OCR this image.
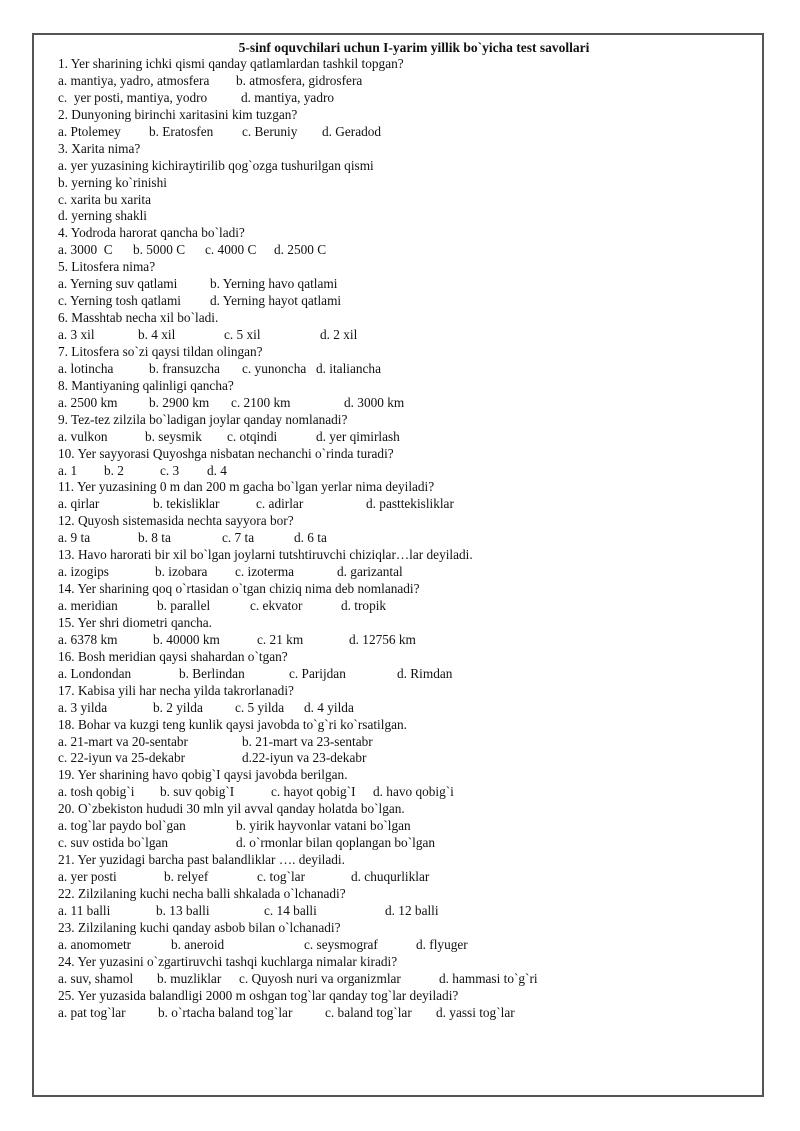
5-sinf oquvchilari uchun I-yarim yillik bo`yicha test savollari
1. Yer sharining ichki qismi qanday qatlamlardan tashkil topgan?
a. mantiya, yadro, atmosfera b. atmosfera, gidrosfera
c.  yer posti, mantiya, yodro	d. mantiya, yadro
2. Dunyoning birinchi xaritasini kim tuzgan?
a. Ptolemey b. Eratosfen c. Beruniy d. Geradod
3. Xarita nima?
a. yer yuzasining kichiraytirilib qog`ozga tushurilgan qismi
b. yerning ko`rinishi
c. xarita bu xarita
d. yerning shakli
4. Yodroda harorat qancha bo`ladi?
a. 3000  C b. 5000 C c. 4000 C d. 2500 C
5. Litosfera nima?
a. Yerning suv qatlami b. Yerning havo qatlami
c. Yerning tosh qatlami d. Yerning hayot qatlami
6. Masshtab necha xil bo`ladi.
a. 3 xil	b. 4 xil	c. 5 xil	d. 2 xil
7. Litosfera so`zi qaysi tildan olingan?
a. lotincha	b. fransuzcha c. yunoncha d. italiancha
8. Mantiyaning qalinligi qancha?
a. 2500 km b. 2900 km c. 2100 km	d. 3000 km
9. Tez-tez zilzila bo`ladigan joylar qanday nomlanadi?
a. vulkon	b. seysmik c. otqindi	d. yer qimirlash
10. Yer sayyorasi Quyoshga nisbatan nechanchi o`rinda turadi?
a. 1 b. 2	c. 3 d. 4
11. Yer yuzasining 0 m dan 200 m gacha bo`lgan yerlar nima deyiladi?
a. qirlar	b. tekisliklar	c. adirlar	d. pasttekisliklar
12. Quyosh sistemasida nechta sayyora bor?
a. 9 ta	b. 8 ta	c. 7 ta	d. 6 ta
13. Havo harorati bir xil bo`lgan joylarni tutshtiruvchi chiziqlar…lar deyiladi.
a. izogips	b. izobara c. izoterma	d. garizantal
14. Yer sharining qoq o`rtasidan o`tgan chiziq nima deb nomlanadi?
a. meridian	b. parallel	c. ekvator	d. tropik
15. Yer shri diometri qancha.
a. 6378 km	b. 40000 km	c. 21 km	d. 12756 km
16. Bosh meridian qaysi shahardan o`tgan?
a. Londondan	b. Berlindan	c. Parijdan	d. Rimdan
17. Kabisa yili har necha yilda takrorlanadi?
a. 3 yilda	b. 2 yilda c. 5 yilda d. 4 yilda
18. Bohar va kuzgi teng kunlik qaysi javobda to`g`ri ko`rsatilgan.
a. 21-mart va 20-sentabr	b. 21-mart va 23-sentabr
c. 22-iyun va 25-dekabr	d.22-iyun va 23-dekabr
19. Yer sharining havo qobig`I qaysi javobda berilgan.
a. tosh qobig`i b. suv qobig`I	c. hayot qobig`I d. havo qobig`i
20. O`zbekiston hududi 30 mln yil avval qanday holatda bo`lgan.
a. tog`lar paydo bol`gan	b. yirik hayvonlar vatani bo`lgan
c. suv ostida bo`lgan	d. o`rmonlar bilan qoplangan bo`lgan
21. Yer yuzidagi barcha past balandliklar …. deyiladi.
a. yer posti	b. relyef	c. tog`lar	d. chuqurliklar
22. Zilzilaning kuchi necha balli shkalada o`lchanadi?
a. 11 balli	b. 13 balli	c. 14 balli	d. 12 balli
23. Zilzilaning kuchi qanday asbob bilan o`lchanadi?
a. anomometr	b. aneroid	c. seysmograf	d. flyuger
24. Yer yuzasini o`zgartiruvchi tashqi kuchlarga nimalar kiradi?
a. suv, shamol b. muzliklar c. Quyosh nuri va organizmlar	d. hammasi to`g`ri
25. Yer yuzasida balandligi 2000 m oshgan tog`lar qanday tog`lar deyiladi?
a. pat tog`lar b. o`rtacha baland tog`lar c. baland tog`lar d. yassi tog`lar
